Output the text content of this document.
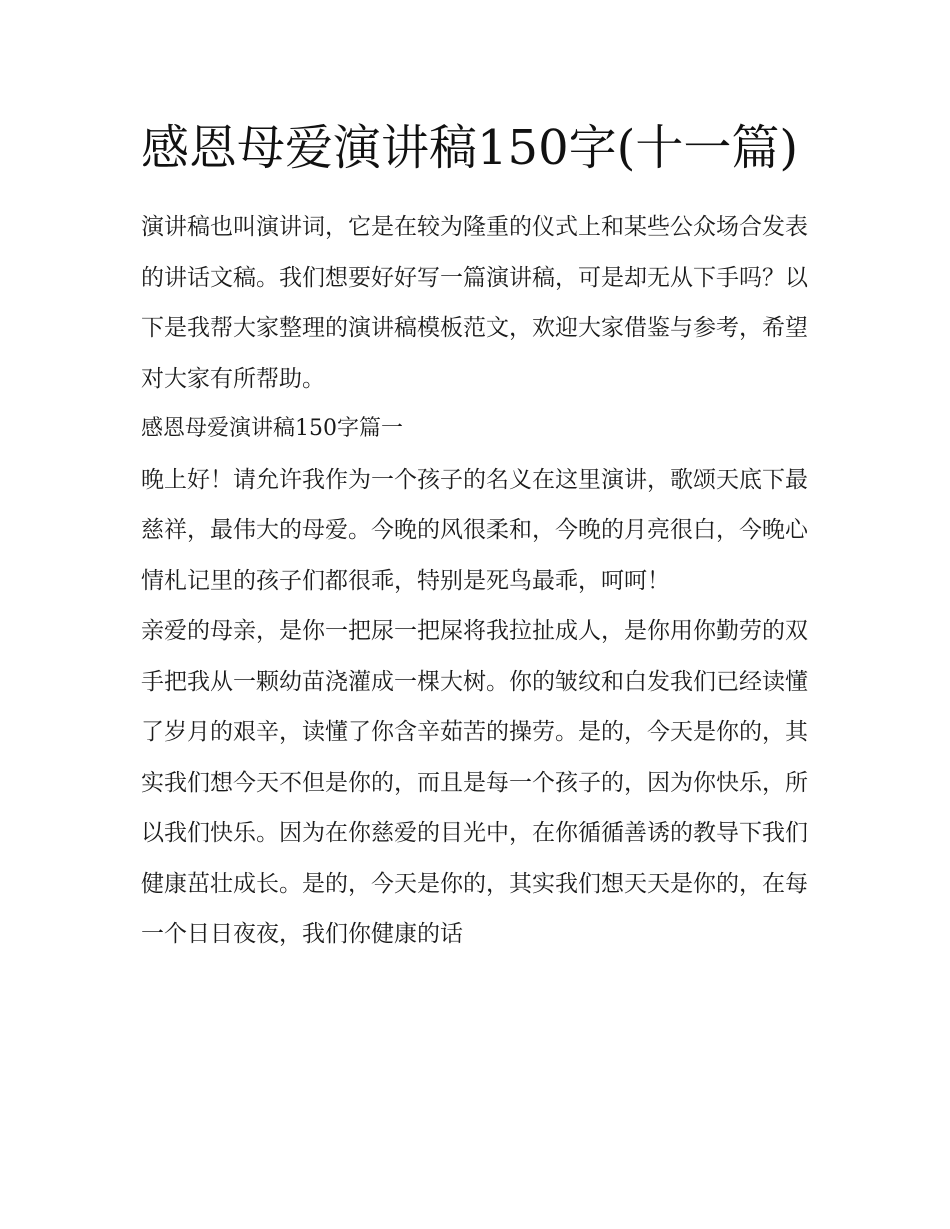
感恩母爱演讲稿150字(十一篇)

演讲稿也叫演讲词，它是在较为隆重的仪式上和某些公众场合发表的讲话文稿。我们想要好好写一篇演讲稿，可是却无从下手吗？以下是我帮大家整理的演讲稿模板范文，欢迎大家借鉴与参考，希望对大家有所帮助。

感恩母爱演讲稿150字篇一

晚上好！请允许我作为一个孩子的名义在这里演讲，歌颂天底下最慈祥，最伟大的母爱。今晚的风很柔和，今晚的月亮很白，今晚心情札记里的孩子们都很乖，特别是死鸟最乖，呵呵！

亲爱的母亲，是你一把尿一把屎将我拉扯成人，是你用你勤劳的双手把我从一颗幼苗浇灌成一棵大树。你的皱纹和白发我们已经读懂了岁月的艰辛，读懂了你含辛茹苦的操劳。是的，今天是你的，其实我们想今天不但是你的，而且是每一个孩子的，因为你快乐，所以我们快乐。因为在你慈爱的目光中，在你循循善诱的教导下我们健康茁壮成长。是的，今天是你的，其实我们想天天是你的，在每一个日日夜夜，我们你健康的话
